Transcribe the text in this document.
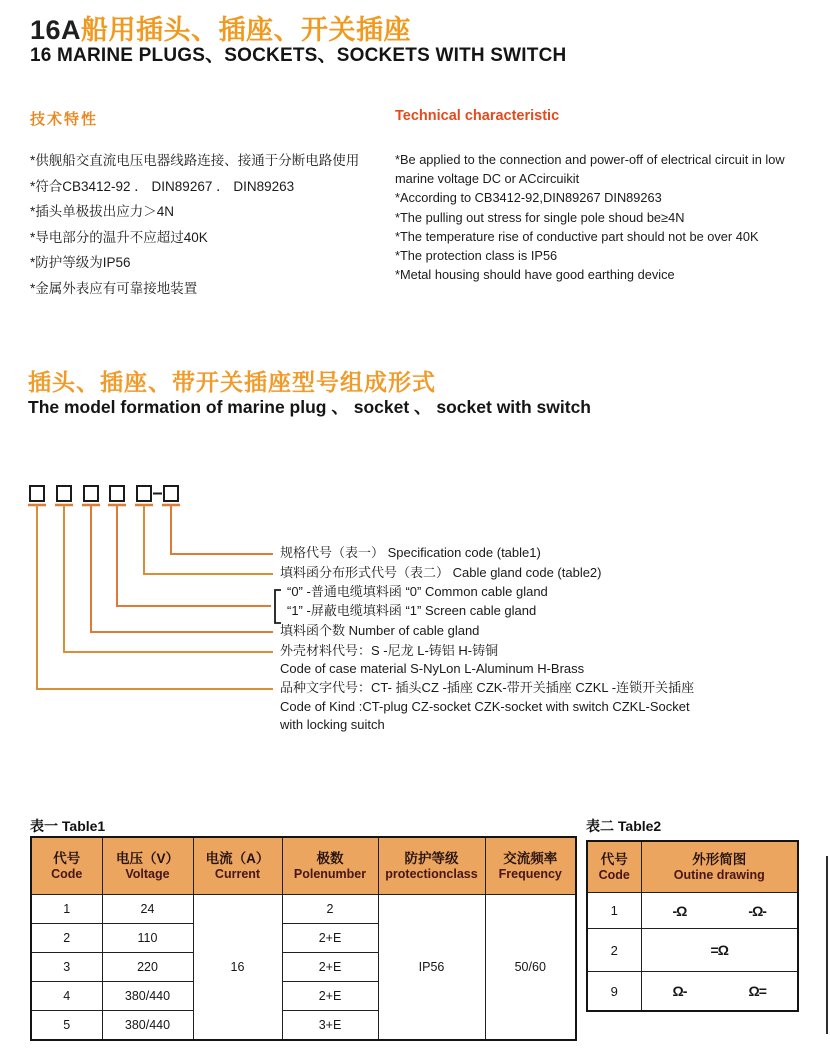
16A船用插头、插座、开关插座
16 MARINE PLUGS、SOCKETS、SOCKETS WITH SWITCH
技术特性	Technical characteristic
*供舰船交直流电压电器线路连接、接通于分断电路使用
*符合CB3412-92 ． DIN89267 ． DIN89263
*插头单极拔出应力＞4N
*导电部分的温升不应超过40K
*防护等级为IP56
*金属外表应有可靠接地装置
*Be applied to the connection and power-off of electrical circuit in low
marine voltage DC or ACcircuikit
*According to CB3412-92,DIN89267 DIN89263
*The pulling out stress for single pole shoud be≥4N
*The temperature rise of conductive part should not be over 40K
*The protection class is IP56
*Metal housing should have good earthing device
插头、插座、带开关插座型号组成形式
The model formation of marine plug 、 socket 、 socket with switch
规格代号（表一） Specification code (table1)
填料函分布形式代号（表二） Cable gland code (table2)
“0” -普通电缆填料函 “0” Common cable gland
“1” -屏蔽电缆填料函 “1” Screen cable gland
填料函个数 Number of cable gland
外壳材料代号：S -尼龙 L-铸铝 H-铸铜
Code of case material S-NyLon L-Aluminum H-Brass
品种文字代号：CT- 插头CZ -插座 CZK-带开关插座 CZKL -连锁开关插座
Code of Kind :CT-plug CZ-socket CZK-socket with switch CZKL-Socket
with locking suitch
表一 Table1
代号
Code

电压（V）
Voltage

电流（A）
Current

极数
Polenumber

防护等级
protectionclass

交流频率
Frequency

1	24	16	2	IP56	50/60
2	110		2+E		
3	220		2+E		
4	380/440		2+E		
5	380/440		3+E		
表二 Table2
代号
Code

外形简图
Outine drawing

1	-Ω -Ω-

2	=Ω

9	Ω- Ω=
